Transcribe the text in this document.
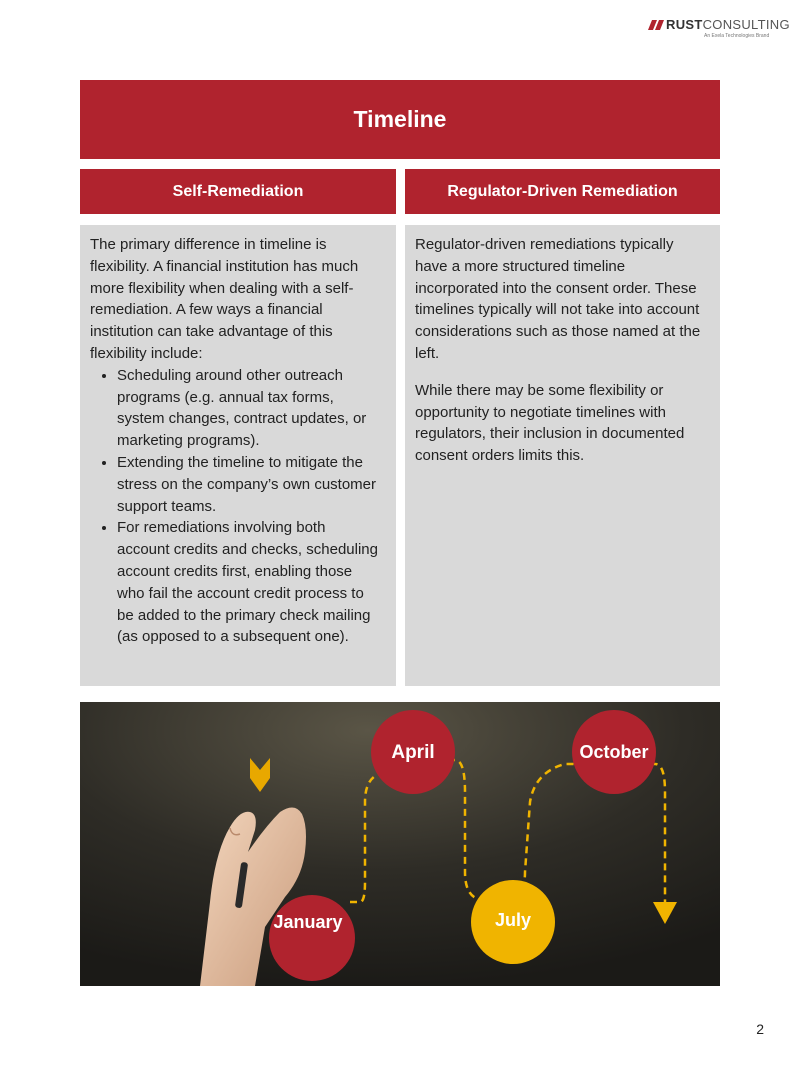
RUSTCONSULTING
An Exela Technologies Brand
Timeline
Self-Remediation	Regulator-Driven Remediation

The primary difference in timeline is flexibility. A financial institution has much more flexibility when dealing with a self-remediation. A few ways a financial institution can take advantage of this flexibility include:

• Scheduling around other outreach programs (e.g. annual tax forms, system changes, contract updates, or marketing programs).
• Extending the timeline to mitigate the stress on the company’s own customer support teams.
• For remediations involving both account credits and checks, scheduling account credits first, enabling those who fail the account credit process to be added to the primary check mailing (as opposed to a subsequent one).

Regulator-driven remediations typically have a more structured timeline incorporated into the consent order. These timelines typically will not take into account considerations such as those named at the left.

While there may be some flexibility or opportunity to negotiate timelines with regulators, their inclusion in documented consent orders limits this.

January
April
July
October
2
